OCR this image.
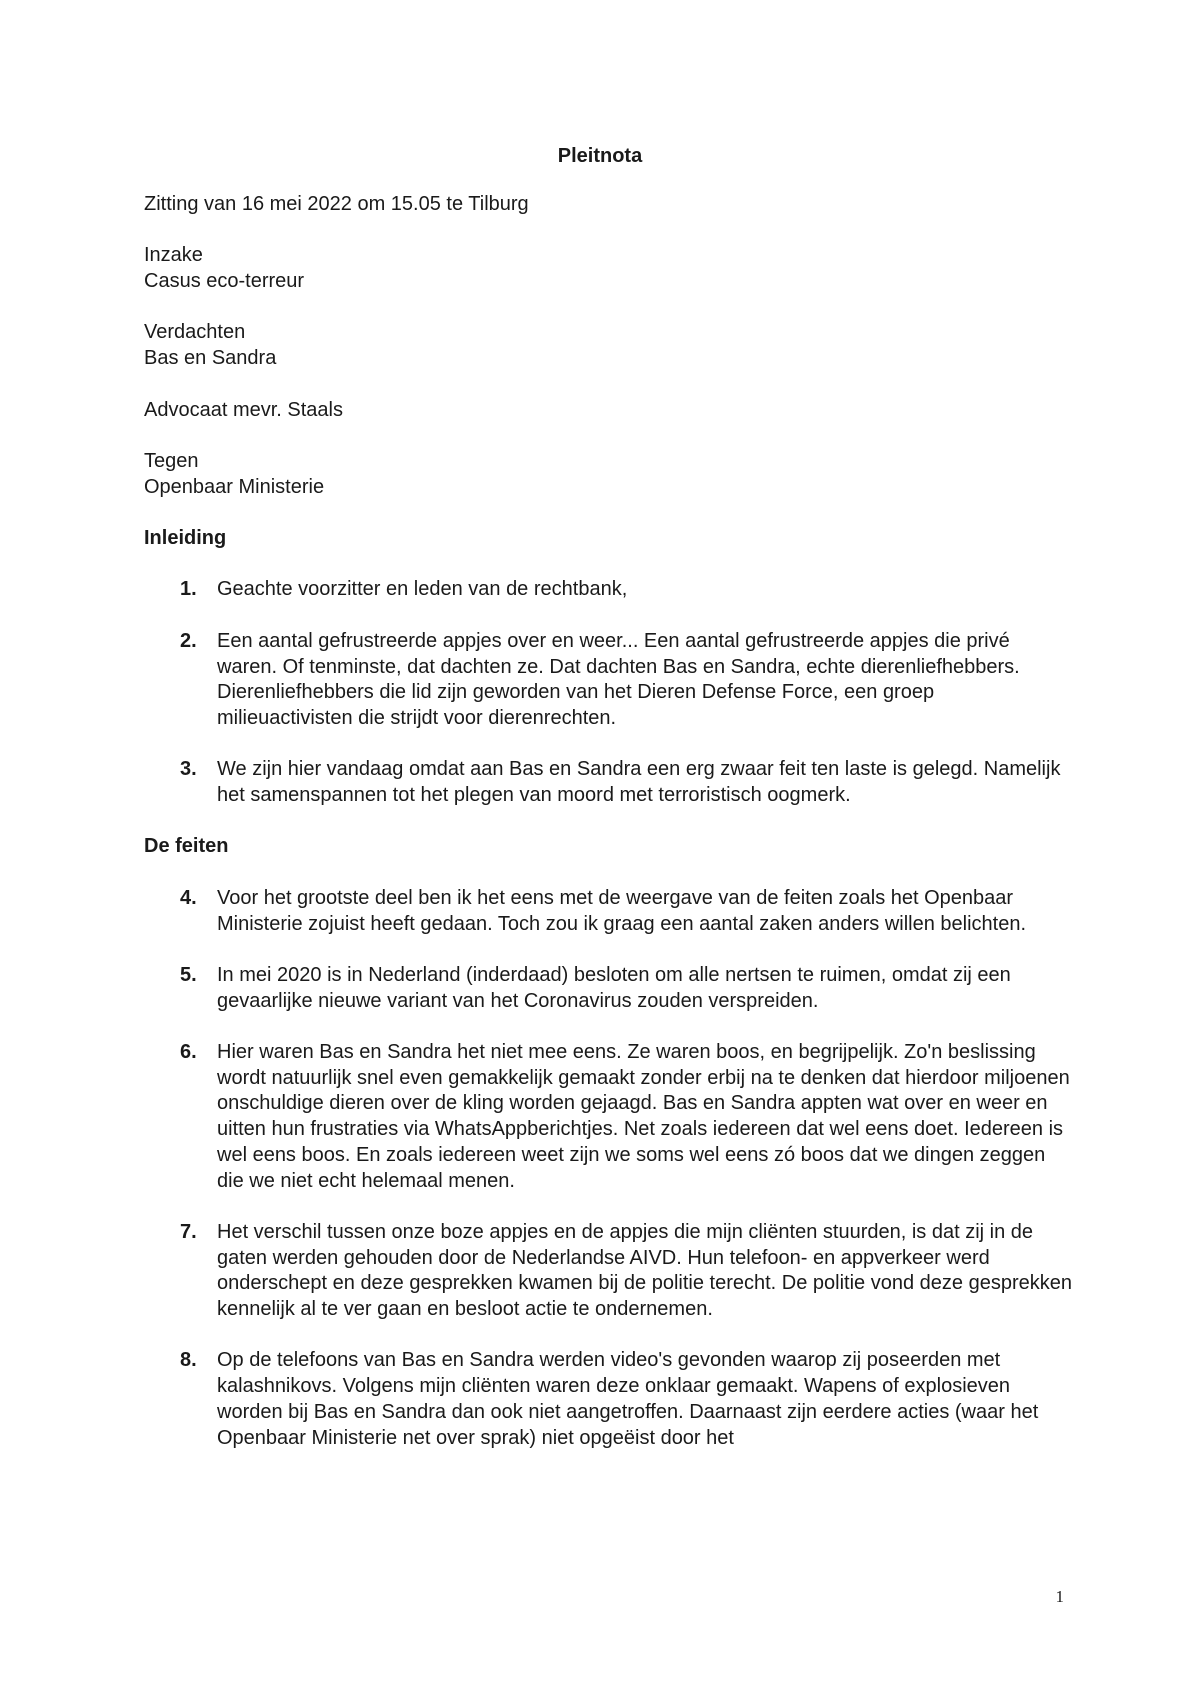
Pleitnota

Zitting van 16 mei 2022 om 15.05 te Tilburg

Inzake

Casus eco-terreur

Verdachten

Bas en Sandra

Advocaat mevr. Staals

Tegen

Openbaar Ministerie

Inleiding
1. Geachte voorzitter en leden van de rechtbank,
2. Een aantal gefrustreerde appjes over en weer... Een aantal gefrustreerde appjes die privé waren. Of tenminste, dat dachten ze. Dat dachten Bas en Sandra, echte dierenliefhebbers. Dierenliefhebbers die lid zijn geworden van het Dieren Defense Force, een groep milieuactivisten die strijdt voor dierenrechten.
3. We zijn hier vandaag omdat aan Bas en Sandra een erg zwaar feit ten laste is gelegd. Namelijk het samenspannen tot het plegen van moord met terroristisch oogmerk.
De feiten
4. Voor het grootste deel ben ik het eens met de weergave van de feiten zoals het Openbaar Ministerie zojuist heeft gedaan. Toch zou ik graag een aantal zaken anders willen belichten.
5. In mei 2020 is in Nederland (inderdaad) besloten om alle nertsen te ruimen, omdat zij een gevaarlijke nieuwe variant van het Coronavirus zouden verspreiden.
6. Hier waren Bas en Sandra het niet mee eens. Ze waren boos, en begrijpelijk. Zo'n beslissing wordt natuurlijk snel even gemakkelijk gemaakt zonder erbij na te denken dat hierdoor miljoenen onschuldige dieren over de kling worden gejaagd. Bas en Sandra appten wat over en weer en uitten hun frustraties via WhatsAppberichtjes. Net zoals iedereen dat wel eens doet. Iedereen is wel eens boos. En zoals iedereen weet zijn we soms wel eens zó boos dat we dingen zeggen die we niet echt helemaal menen.
7. Het verschil tussen onze boze appjes en de appjes die mijn cliënten stuurden, is dat zij in de gaten werden gehouden door de Nederlandse AIVD. Hun telefoon- en appverkeer werd onderschept en deze gesprekken kwamen bij de politie terecht. De politie vond deze gesprekken kennelijk al te ver gaan en besloot actie te ondernemen.
8. Op de telefoons van Bas en Sandra werden video's gevonden waarop zij poseerden met kalashnikovs. Volgens mijn cliënten waren deze onklaar gemaakt. Wapens of explosieven worden bij Bas en Sandra dan ook niet aangetroffen. Daarnaast zijn eerdere acties (waar het Openbaar Ministerie net over sprak) niet opgeëist door het
1
